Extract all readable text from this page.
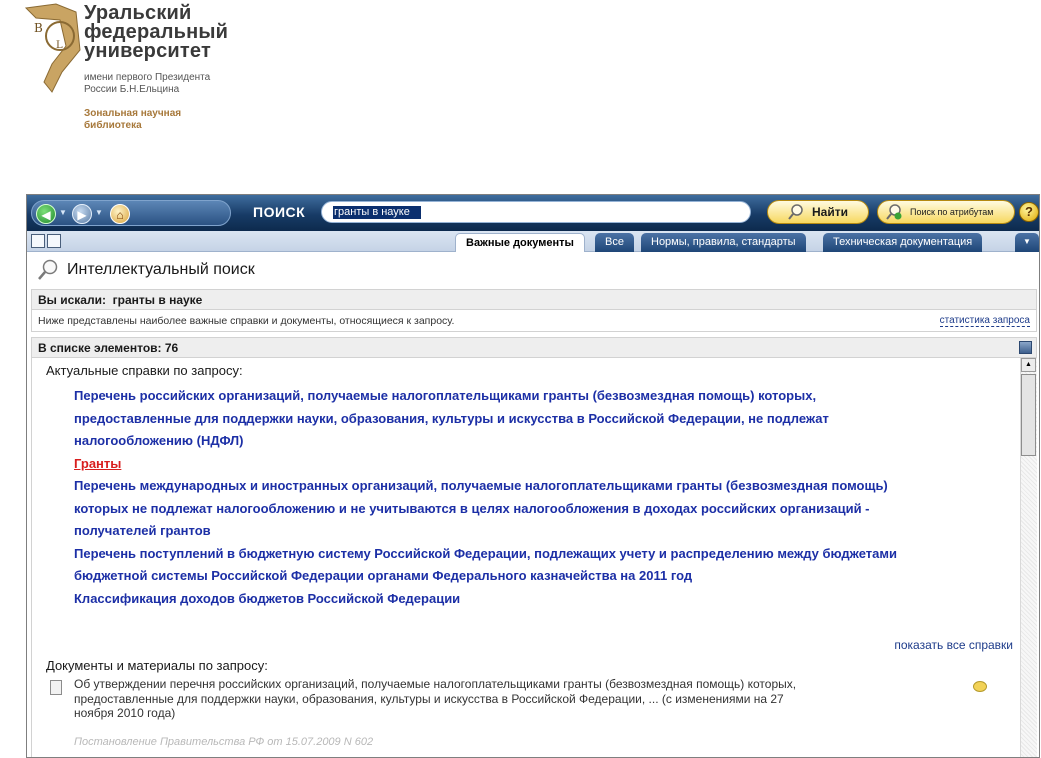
B
L
Уральский
федеральный
университет
имени первого Президента
России Б.Н.Ельцина
Зональная научная
библиотека
◀	▼ ▶	▼	⌂	ПОИСК	гранты в науке	Найти	Поиск по атрибутам	?
Важные документы	Все	Нормы, правила, стандарты	Техническая документация	▼
Интеллектуальный поиск
Вы искали: гранты в науке
Ниже представлены наиболее важные справки и документы, относящиеся к запросу.	статистика запроса
В списке элементов: 76
Актуальные справки по запросу:
Перечень российских организаций, получаемые налогоплательщиками гранты (безвозмездная помощь) которых,
предоставленные для поддержки науки, образования, культуры и искусства в Российской Федерации, не подлежат
налогообложению (НДФЛ)
Гранты
Перечень международных и иностранных организаций, получаемые налогоплательщиками гранты (безвозмездная помощь)
которых не подлежат налогообложению и не учитываются в целях налогообложения в доходах российских организаций -
получателей грантов
Перечень поступлений в бюджетную систему Российской Федерации, подлежащих учету и распределению между бюджетами
бюджетной системы Российской Федерации органами Федерального казначейства на 2011 год
Классификация доходов бюджетов Российской Федерации
показать все справки
Документы и материалы по запросу:
Об утверждении перечня российских организаций, получаемые налогоплательщиками гранты (безвозмездная помощь) которых,
предоставленные для поддержки науки, образования, культуры и искусства в Российской Федерации, ... (с изменениями на 27
ноября 2010 года)
Постановление Правительства РФ от 15.07.2009 N 602
▲
